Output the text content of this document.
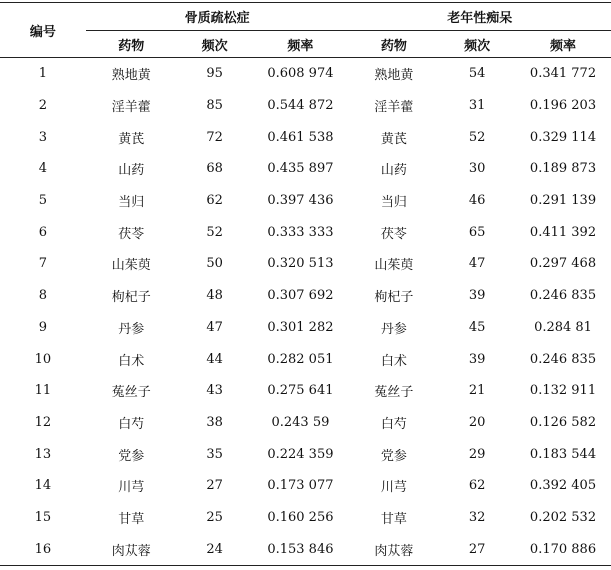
编号	骨质疏松症			老年性痴呆		
	药物	频次	频率	药物	频次	频率
1	熟地黄	95	0.608 974	熟地黄	54	0.341 772
2	淫羊藿	85	0.544 872	淫羊藿	31	0.196 203
3	黄芪	72	0.461 538	黄芪	52	0.329 114
4	山药	68	0.435 897	山药	30	0.189 873
5	当归	62	0.397 436	当归	46	0.291 139
6	茯苓	52	0.333 333	茯苓	65	0.411 392
7	山茱萸	50	0.320 513	山茱萸	47	0.297 468
8	枸杞子	48	0.307 692	枸杞子	39	0.246 835
9	丹参	47	0.301 282	丹参	45	0.284 81
10	白术	44	0.282 051	白术	39	0.246 835
11	菟丝子	43	0.275 641	菟丝子	21	0.132 911
12	白芍	38	0.243 59	白芍	20	0.126 582
13	党参	35	0.224 359	党参	29	0.183 544
14	川芎	27	0.173 077	川芎	62	0.392 405
15	甘草	25	0.160 256	甘草	32	0.202 532
16	肉苁蓉	24	0.153 846	肉苁蓉	27	0.170 886
